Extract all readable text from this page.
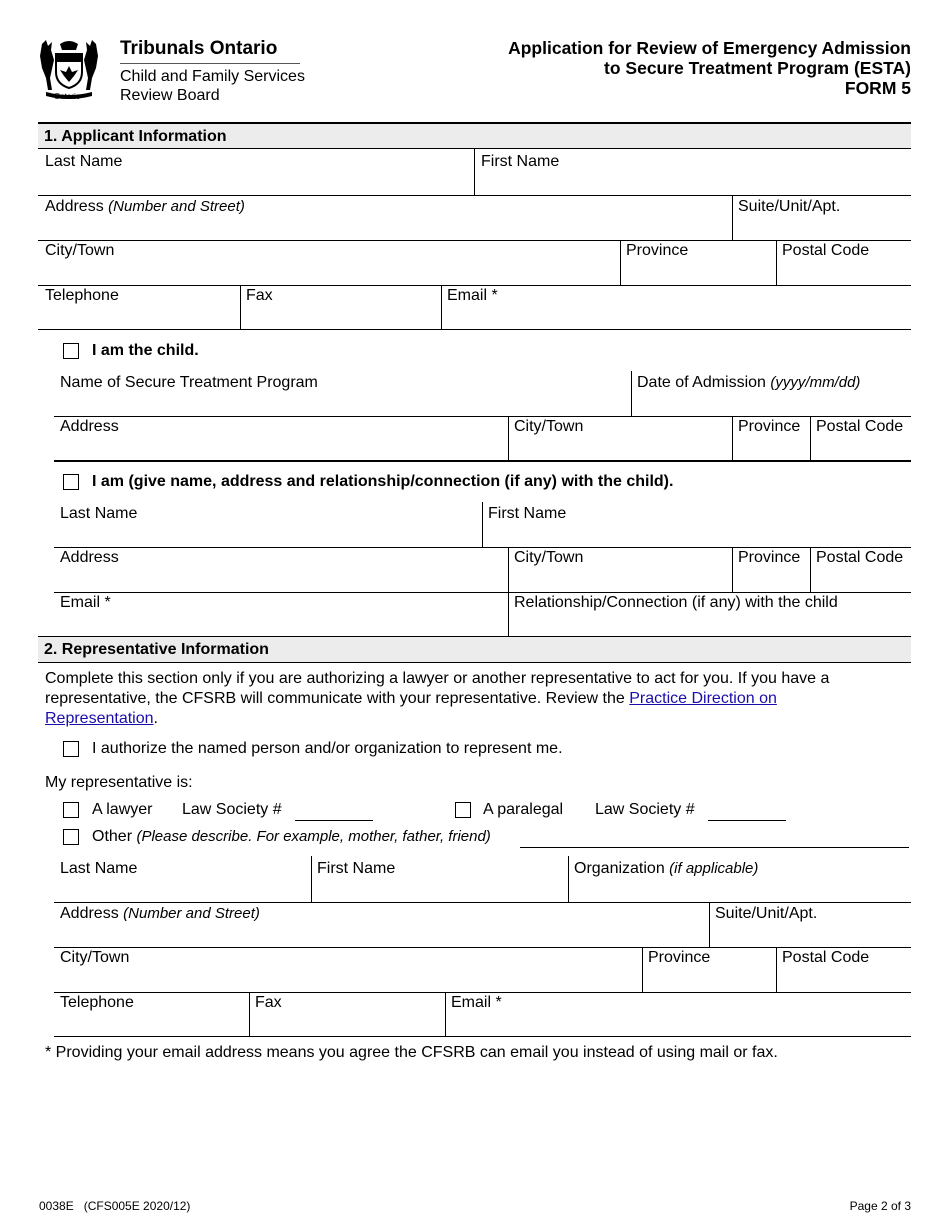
Ontario
Tribunals Ontario
Child and Family Services
Review Board
Application for Review of Emergency Admission
to Secure Treatment Program (ESTA)
FORM 5
1. Applicant Information
Last Name	First Name
Address (Number and Street)	Suite/Unit/Apt.
City/Town	Province	Postal Code
Telephone	Fax	Email *
I am the child.
Name of Secure Treatment Program	Date of Admission (yyyy/mm/dd)
Address	City/Town	Province Postal Code
I am (give name, address and relationship/connection (if any) with the child).
Last Name	First Name
Address	City/Town	Province Postal Code
Email *	Relationship/Connection (if any) with the child
2. Representative Information
Complete this section only if you are authorizing a lawyer or another representative to act for you. If you have a
representative, the CFSRB will communicate with your representative. Review the Practice Direction on
Representation.
I authorize the named person and/or organization to represent me.
My representative is:
A lawyer Law Society #	A paralegal Law Society #
Other (Please describe. For example, mother, father, friend)
Last Name	First Name	Organization (if applicable)
Address (Number and Street)	Suite/Unit/Apt.
City/Town	Province	Postal Code
Telephone	Fax	Email *
* Providing your email address means you agree the CFSRB can email you instead of using mail or fax.
0038E   (CFS005E 2020/12)	Page 2 of 3
